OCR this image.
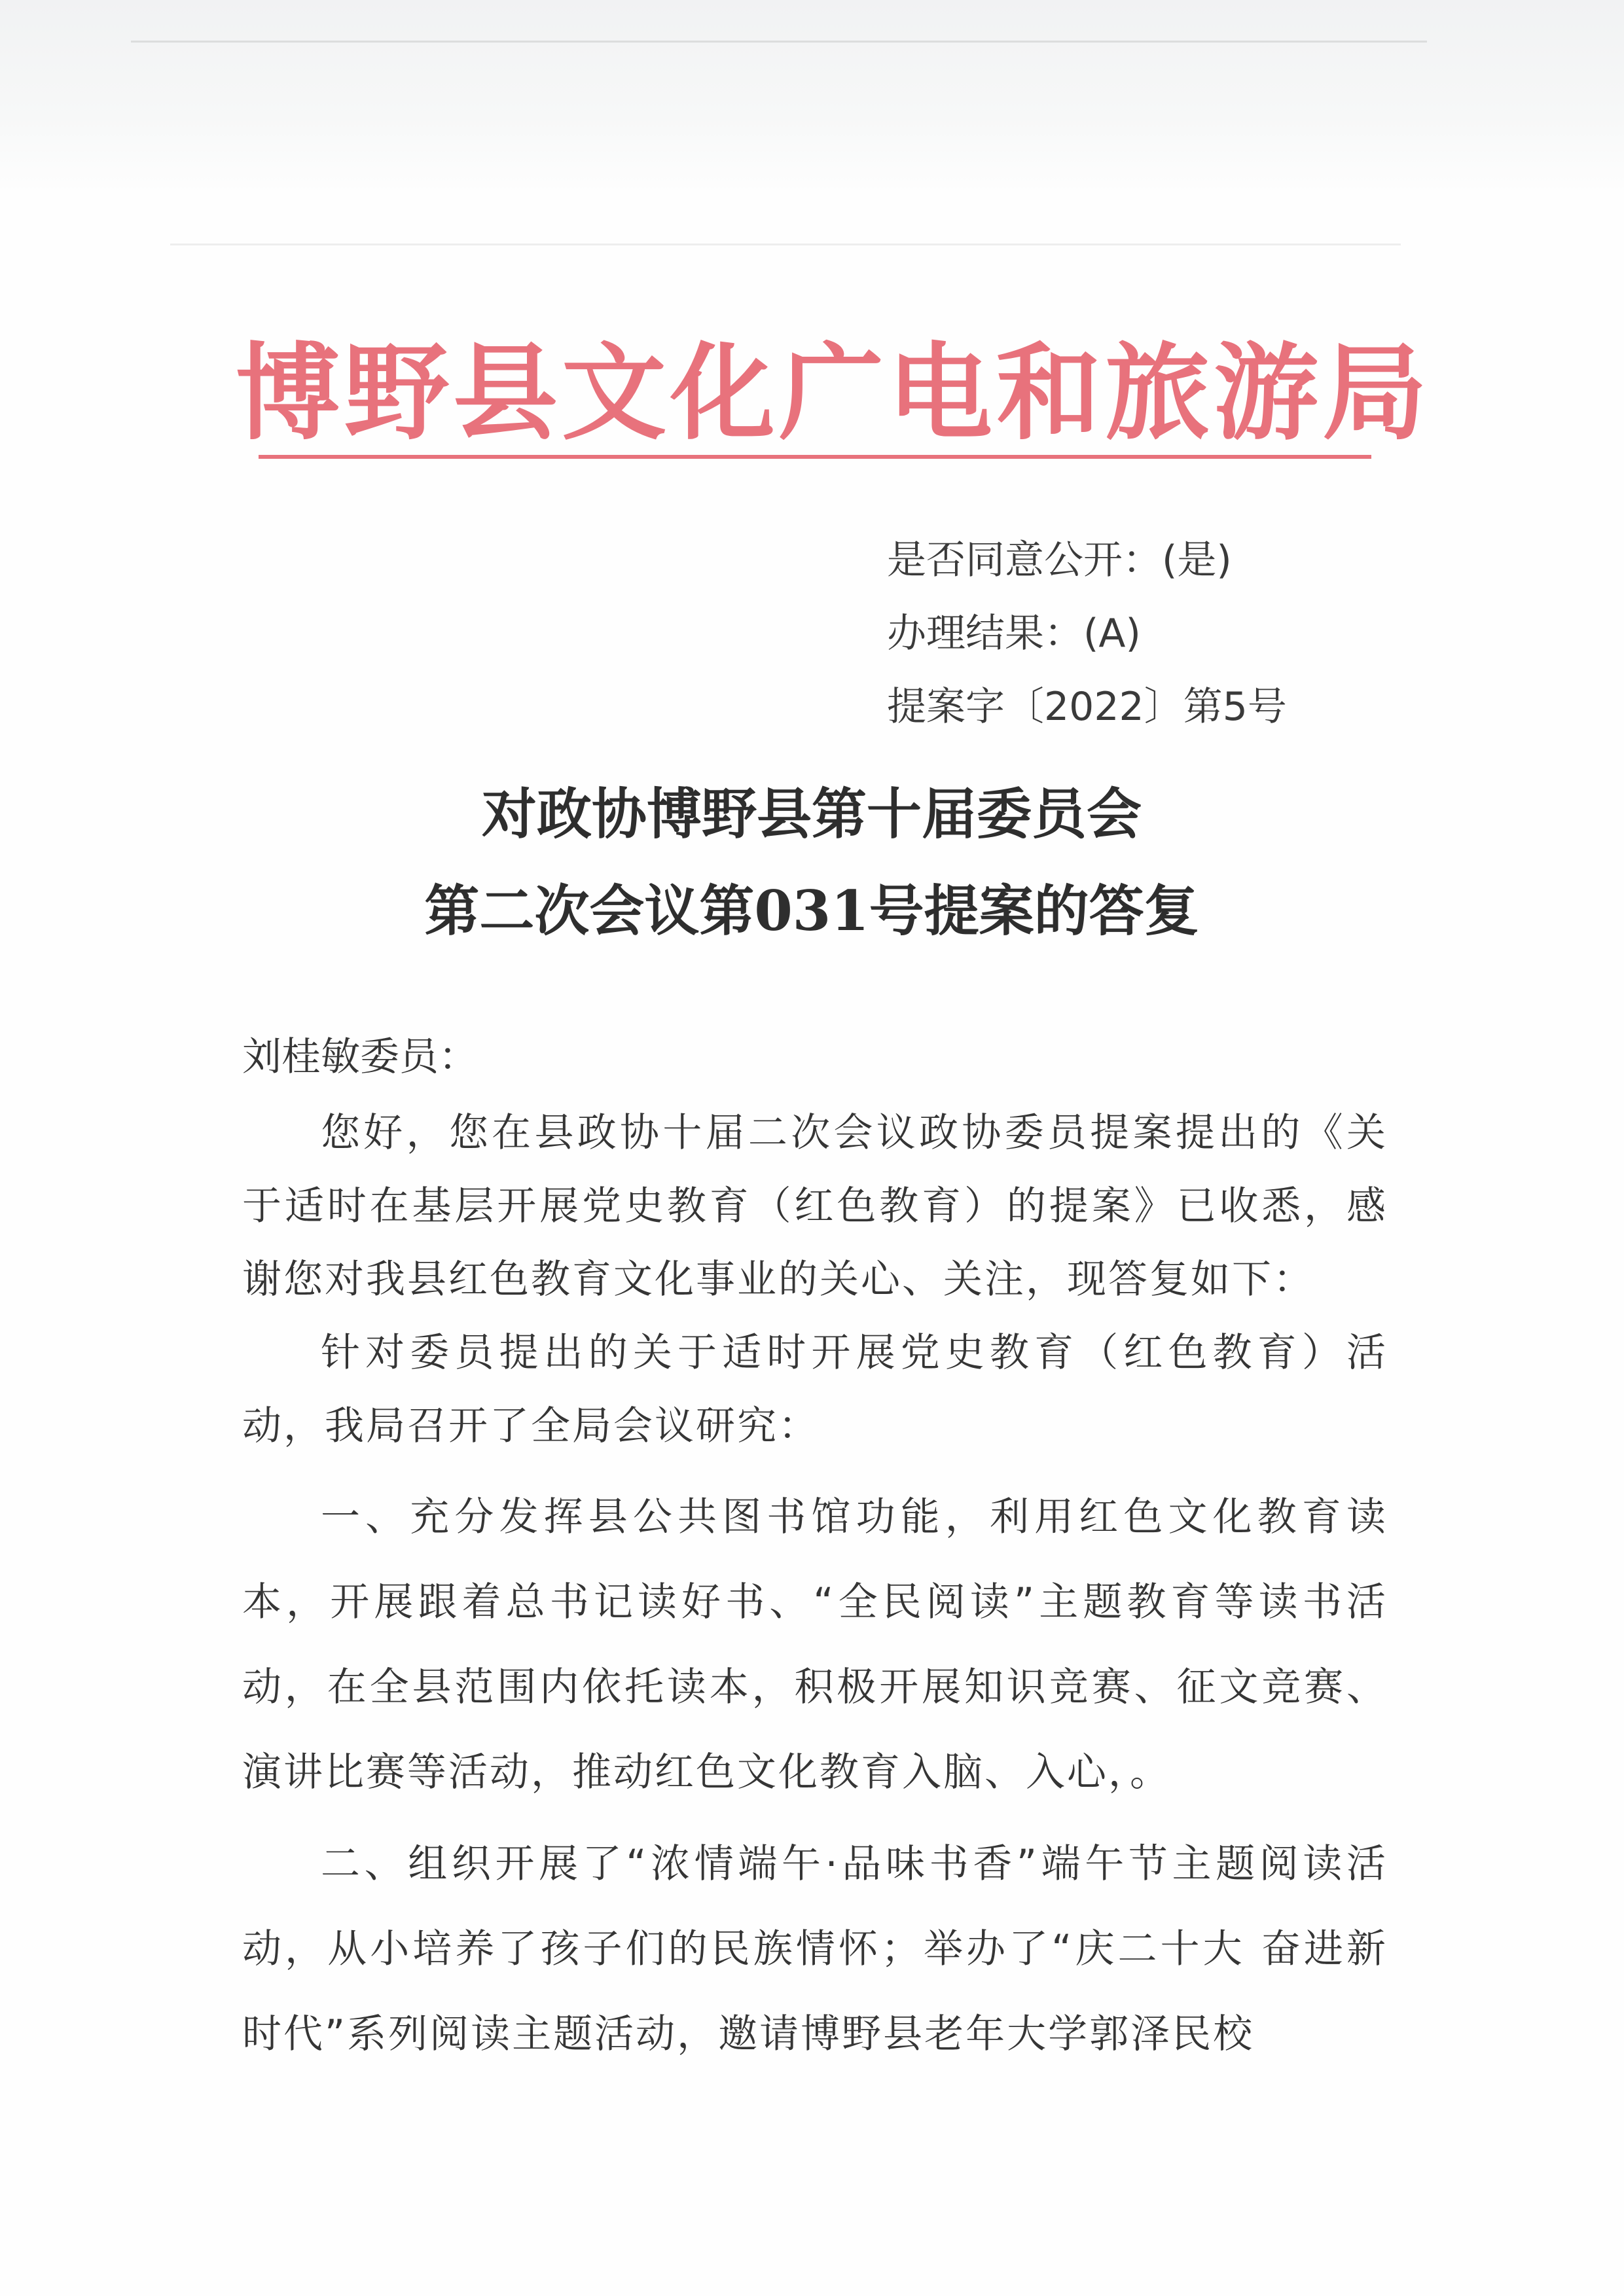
博野县文化广电和旅游局
是否同意公开：(是)
办理结果：(A)
提案字〔2022〕第5号
对政协博野县第十届委员会
第二次会议第031号提案的答复
刘桂敏委员：

您好，您在县政协十届二次会议政协委员提案提出的《关于适时在基层开展党史教育（红色教育）的提案》已收悉，感谢您对我县红色教育文化事业的关心、关注，现答复如下：

针对委员提出的关于适时开展党史教育（红色教育）活动，我局召开了全局会议研究：

一、充分发挥县公共图书馆功能，利用红色文化教育读本，开展跟着总书记读好书、“全民阅读”主题教育等读书活动，在全县范围内依托读本，积极开展知识竞赛、征文竞赛、演讲比赛等活动，推动红色文化教育入脑、入心，。

二、组织开展了“浓情端午·品味书香”端午节主题阅读活动，从小培养了孩子们的民族情怀；举办了“庆二十大 奋进新时代”系列阅读主题活动，邀请博野县老年大学郭泽民校
